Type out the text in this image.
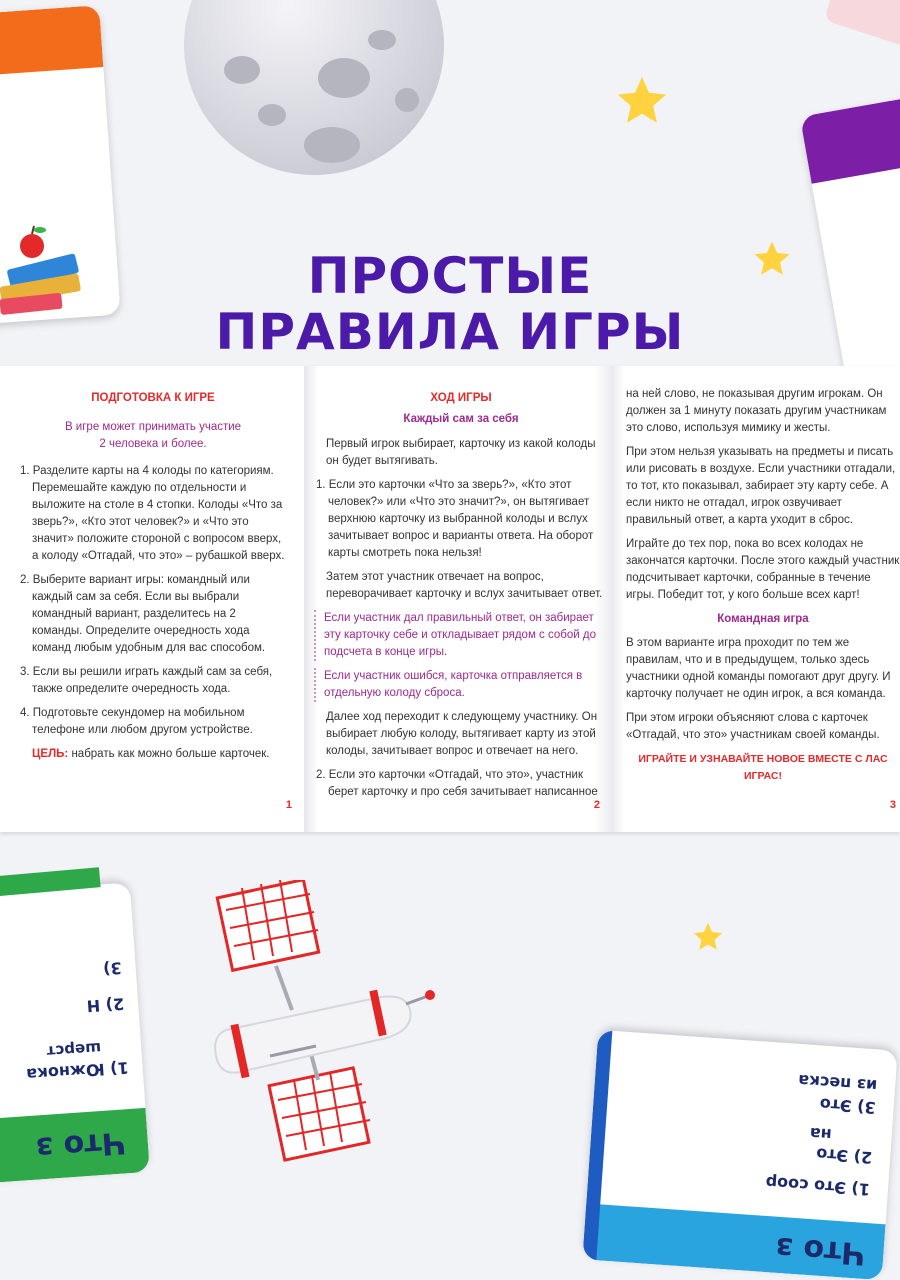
ПРОСТЫЕ
ПРАВИЛА ИГРЫ

ПОДГОТОВКА К ИГРЕ

В игре может принимать участие

2 человека и более.

1. Разделите карты на 4 колоды по категориям. Перемешайте каждую по отдельности и выложите на столе в 4 стопки. Колоды «Что за зверь?», «Кто этот человек?» и «Что это значит» положите стороной с вопросом вверх, а колоду «Отгадай, что это» – рубашкой вверх.

2. Выберите вариант игры: командный или каждый сам за себя. Если вы выбрали командный вариант, разделитесь на 2 команды. Определите очередность хода команд любым удобным для вас способом.

3. Если вы решили играть каждый сам за себя, также определите очередность хода.

4. Подготовьте секундомер на мобильном телефоне или любом другом устройстве.

ЦЕЛЬ: набрать как можно больше карточек.

1

ХОД ИГРЫ

Каждый сам за себя

Первый игрок выбирает, карточку из какой колоды он будет вытягивать.

1. Если это карточки «Что за зверь?», «Кто этот человек?» или «Что это значит?», он вытягивает верхнюю карточку из выбранной колоды и вслух зачитывает вопрос и варианты ответа. На оборот карты смотреть пока нельзя!

Затем этот участник отвечает на вопрос, переворачивает карточку и вслух зачитывает ответ.

Если участник дал правильный ответ, он забирает эту карточку себе и откладывает рядом с собой до подсчета в конце игры.

Если участник ошибся, карточка отправляется в отдельную колоду сброса.

Далее ход переходит к следующему участнику. Он выбирает любую колоду, вытягивает карту из этой колоды, зачитывает вопрос и отвечает на него.

2. Если это карточки «Отгадай, что это», участник берет карточку и про себя зачитывает написанное

2

на ней слово, не показывая другим игрокам. Он должен за 1 минуту показать другим участникам это слово, используя мимику и жесты.

При этом нельзя указывать на предметы и писать или рисовать в воздухе. Если участники отгадали, то тот, кто показывал, забирает эту карту себе. А если никто не отгадал, игрок озвучивает правильный ответ, а карта уходит в сброс.

Играйте до тех пор, пока во всех колодах не закончатся карточки. После этого каждый участник подсчитывает карточки, собранные в течение игры. Победит тот, у кого больше всех карт!

Командная игра

В этом варианте игра проходит по тем же правилам, что и в предыдущем, только здесь участники одной команды помогают друг другу. И карточку получает не один игрок, а вся команда.

При этом игроки объясняют слова с карточек «Отгадай, что это» участникам своей команды.

ИГРАЙТЕ И УЗНАВАЙТЕ НОВОЕ ВМЕСТЕ С ЛАС ИГРАС!

3
Что з
1) Южнока
шерст
2) Н
3)
Что з
1) Это соор
2) Это
на
3) Это
из песка
